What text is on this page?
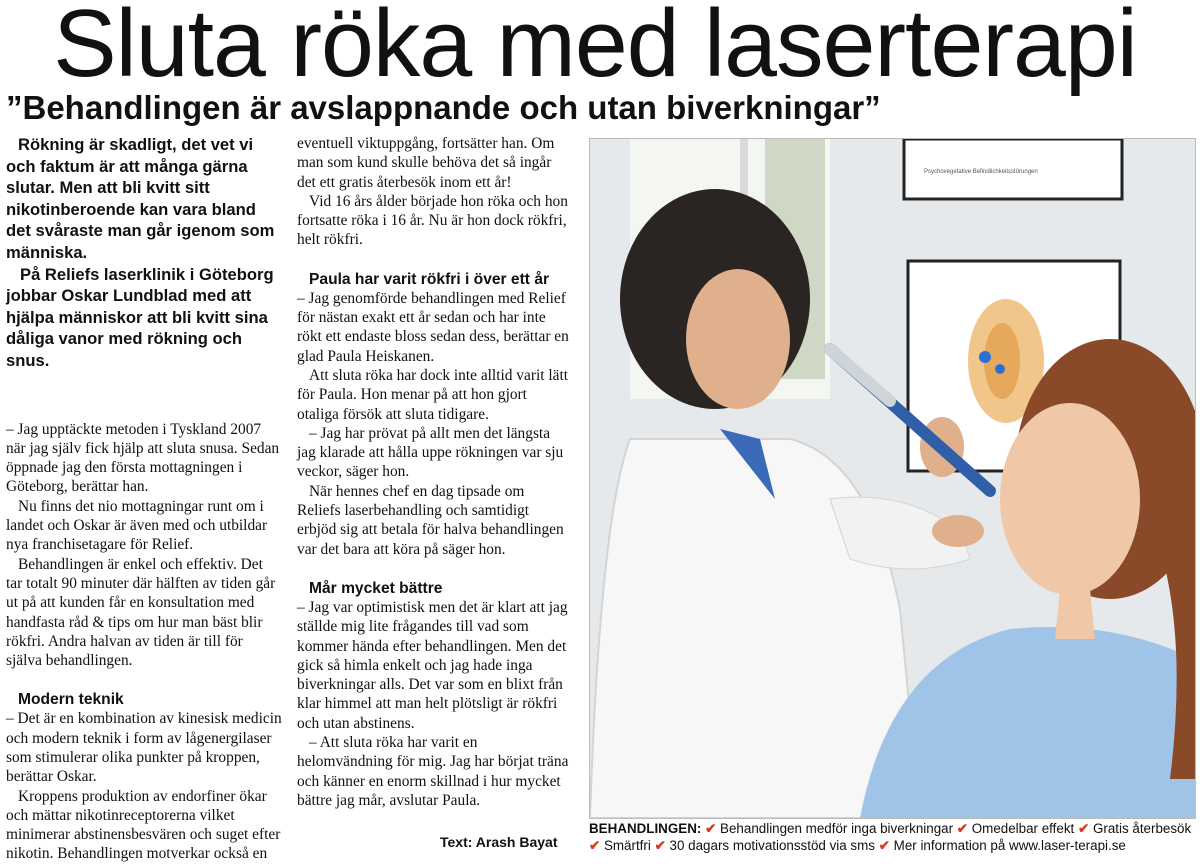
Sluta röka med laserterapi
”Behandlingen är avslappnande och utan biverkningar”

Rökning är skadligt, det vet vi och faktum är att många gärna slutar. Men att bli kvitt sitt nikotinberoende kan vara bland det svåraste man går igenom som människa.

På Reliefs laserklinik i Göteborg jobbar Oskar Lundblad med att hjälpa människor att bli kvitt sina dåliga vanor med rökning och snus.

– Jag upptäckte metoden i Tyskland 2007 när jag själv fick hjälp att sluta snusa. Sedan öppnade jag den första mottagningen i Göteborg, berättar han.

Nu finns det nio mottagningar runt om i landet och Oskar är även med och utbildar nya franchisetagare för Relief.

Behandlingen är enkel och effektiv. Det tar totalt 90 minuter där hälften av tiden går ut på att kunden får en konsultation med handfasta råd & tips om hur man bäst blir rökfri. Andra halvan av tiden är till för själva behandlingen.

Modern teknik

– Det är en kombination av kinesisk medicin och modern teknik i form av lågenergilaser som stimulerar olika punkter på kroppen, berättar Oskar.

Kroppens produktion av endorfiner ökar och mättar nikotinreceptorerna vilket minimerar abstinensbesvären och suget efter nikotin. Behandlingen motverkar också en

eventuell viktuppgång, fortsätter han. Om man som kund skulle behöva det så ingår det ett gratis återbesök inom ett år!

Vid 16 års ålder började hon röka och hon fortsatte röka i 16 år. Nu är hon dock rökfri, helt rökfri.

Paula har varit rökfri i över ett år

– Jag genomförde behandlingen med Relief för nästan exakt ett år sedan och har inte rökt ett endaste bloss sedan dess, berättar en glad Paula Heiskanen.

Att sluta röka har dock inte alltid varit lätt för Paula. Hon menar på att hon gjort otaliga försök att sluta tidigare.

– Jag har prövat på allt men det längsta jag klarade att hålla uppe rökningen var sju veckor, säger hon.

När hennes chef en dag tipsade om Reliefs laserbehandling och samtidigt erbjöd sig att betala för halva behandlingen var det bara att köra på säger hon.

Mår mycket bättre

– Jag var optimistisk men det är klart att jag ställde mig lite frågandes till vad som kommer hända efter behandlingen. Men det gick så himla enkelt och jag hade inga biverkningar alls. Det var som en blixt från klar himmel att man helt plötsligt är rökfri och utan abstinens.

– Att sluta röka har varit en helomvändning för mig. Jag har börjat träna och känner en enorm skillnad i hur mycket bättre jag mår, avslutar Paula.

Text: Arash Bayat
Psychovegetative Befindlichkeitsstörungen
BEHANDLINGEN: ✔ Behandlingen medför inga biverkningar ✔ Omedelbar effekt ✔ Gratis återbesök ✔ Smärtfri ✔ 30 dagars motivationsstöd via sms ✔ Mer information på www.laser-terapi.se
